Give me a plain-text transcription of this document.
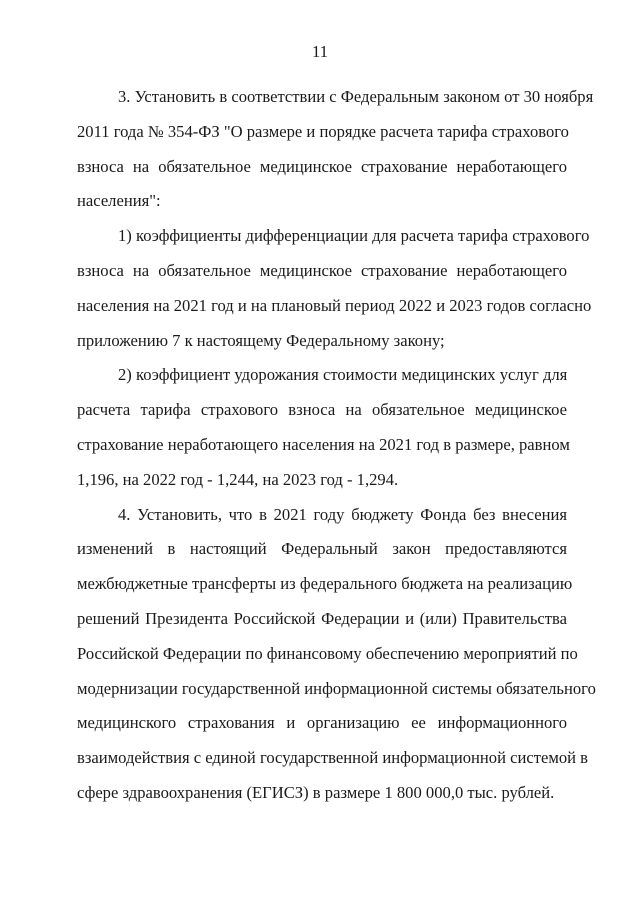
11
3. Установить в соответствии с Федеральным законом от 30 ноября
2011 года № 354-ФЗ "О размере и порядке расчета тарифа страхового
взноса на обязательное медицинское страхование неработающего
населения":
1) коэффициенты дифференциации для расчета тарифа страхового
взноса на обязательное медицинское страхование неработающего
населения на 2021 год и на плановый период 2022 и 2023 годов согласно
приложению 7 к настоящему Федеральному закону;
2) коэффициент удорожания стоимости медицинских услуг для
расчета тарифа страхового взноса на обязательное медицинское
страхование неработающего населения на 2021 год в размере, равном
1,196, на 2022 год - 1,244, на 2023 год - 1,294.
4. Установить, что в 2021 году бюджету Фонда без внесения
изменений в настоящий Федеральный закон предоставляются
межбюджетные трансферты из федерального бюджета на реализацию
решений Президента Российской Федерации и (или) Правительства
Российской Федерации по финансовому обеспечению мероприятий по
модернизации государственной информационной системы обязательного
медицинского страхования и организацию ее информационного
взаимодействия с единой государственной информационной системой в
сфере здравоохранения (ЕГИСЗ) в размере 1 800 000,0 тыс. рублей.
